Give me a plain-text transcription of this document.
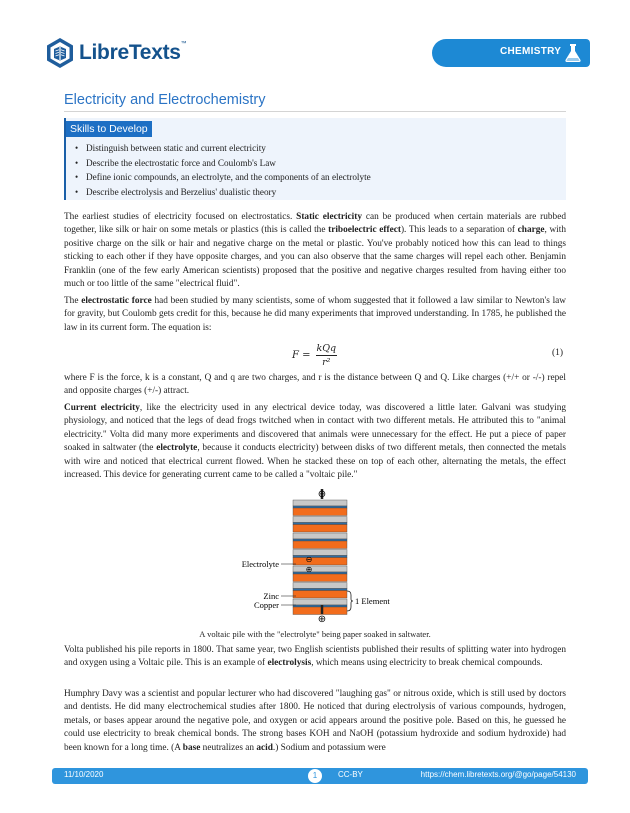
LibreTexts™
CHEMISTRY
Electricity and Electrochemistry
Skills to Develop
• Distinguish between static and current electricity
• Describe the electrostatic force and Coulomb's Law
• Define ionic compounds, an electrolyte, and the components of an electrolyte
• Describe electrolysis and Berzelius' dualistic theory

The earliest studies of electricity focused on electrostatics. Static electricity can be produced when certain materials are rubbed together, like silk or hair on some metals or plastics (this is called the triboelectric effect). This leads to a separation of charge, with positive charge on the silk or hair and negative charge on the metal or plastic. You've probably noticed how this can lead to things sticking to each other if they have opposite charges, and you can also observe that the same charges will repel each other. Benjamin Franklin (one of the few early American scientists) proposed that the positive and negative charges resulted from having either too much or too little of the same "electrical fluid".

The electrostatic force had been studied by many scientists, some of whom suggested that it followed a law similar to Newton's law for gravity, but Coulomb gets credit for this, because he did many experiments that improved understanding. In 1785, he published the law in its current form. The equation is:

$F = \frac{\text{kQq}}{\text{r²}}$	(1)

where F is the force, k is a constant, Q and q are two charges, and r is the distance between Q and Q. Like charges (+/+ or -/-) repel and opposite charges (+/-) attract.

Current electricity, like the electricity used in any electrical device today, was discovered a little later. Galvani was studying physiology, and noticed that the legs of dead frogs twitched when in contact with two different metals. He attributed this to "animal electricity." Volta did many more experiments and discovered that animals were unnecessary for the effect. He put a piece of paper soaked in saltwater (the electrolyte, because it conducts electricity) between disks of two different metals, then connected the metals with wire and noticed that electrical current flowed. When he stacked these on top of each other, alternating the metals, the effect increased. This device for generating current came to be called a "voltaic pile."

⊖
⊕
Electrolyte	⊖
⊕
Zinc
Copper	1 Element
A voltaic pile with the "electrolyte" being paper soaked in saltwater.

Volta published his pile reports in 1800. That same year, two English scientists published their results of splitting water into hydrogen and oxygen using a Voltaic pile. This is an example of electrolysis, which means using electricity to break chemical compounds.

Humphry Davy was a scientist and popular lecturer who had discovered "laughing gas" or nitrous oxide, which is still used by doctors and dentists. He did many electrochemical studies after 1800. He noticed that during electrolysis of various compounds, hydrogen, metals, or bases appear around the negative pole, and oxygen or acid appears around the positive pole. Based on this, he guessed he could use electricity to break chemical bonds. The strong bases KOH and NaOH (potassium hydroxide and sodium hydroxide) had been known for a long time. (A base neutralizes an acid.) Sodium and potassium were

11/10/2020	1	CC-BY	https://chem.libretexts.org/@go/page/54130
